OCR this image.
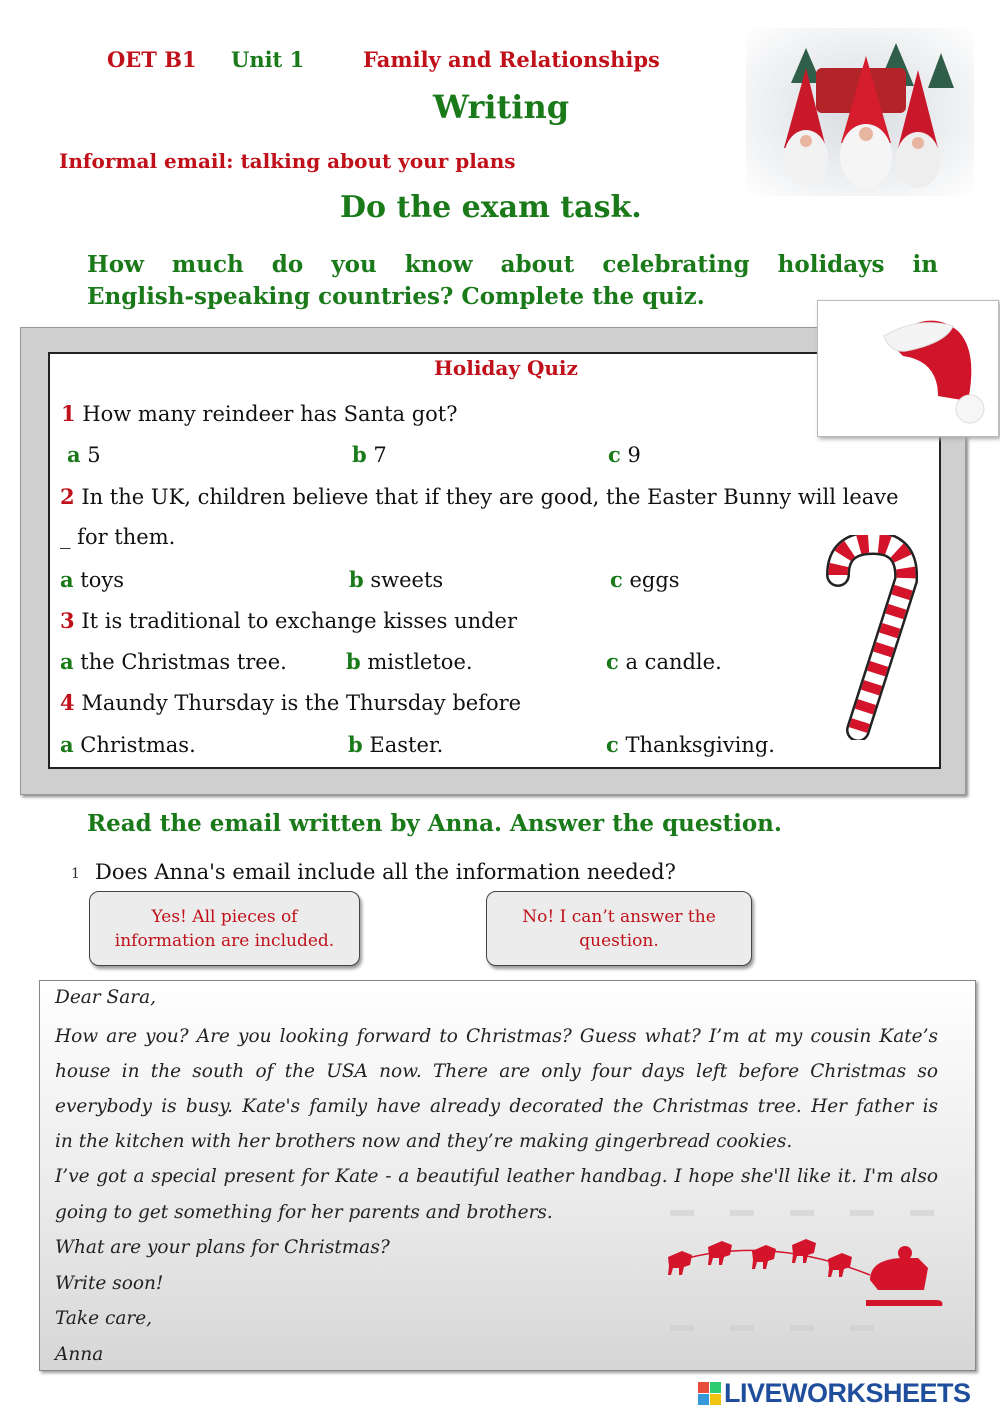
OET B1 Unit 1	Family and Relationships
Writing
Informal email: talking about your plans
Do the exam task.
How much do you know about celebrating holidays in
English-speaking countries? Complete the quiz.
Holiday Quiz
1 How many reindeer has Santa got?
a 5	b 7	c 9
2 In the UK, children believe that if they are good, the Easter Bunny will leave
_ for them.
a toys	b sweets	c eggs
3 It is traditional to exchange kisses under
a the Christmas tree.	b mistletoe.	c a candle.
4 Maundy Thursday is the Thursday before
a Christmas.	b Easter.	c Thanksgiving.
Read the email written by Anna. Answer the question.
1 Does Anna's email include all the information needed?
Yes! All pieces of
information are included.
No! I can’t answer the
question.
Dear Sara,
How are you? Are you looking forward to Christmas? Guess what? I’m at my cousin Kate’s
house in the south of the USA now. There are only four days left before Christmas so
everybody is busy. Kate's family have already decorated the Christmas tree. Her father is
in the kitchen with her brothers now and they’re making gingerbread cookies.
I’ve got a special present for Kate - a beautiful leather handbag. I hope she'll like it. I'm also
going to get something for her parents and brothers.
What are your plans for Christmas?
Write soon!
Take care,
Anna
LIVEWORKSHEETS
